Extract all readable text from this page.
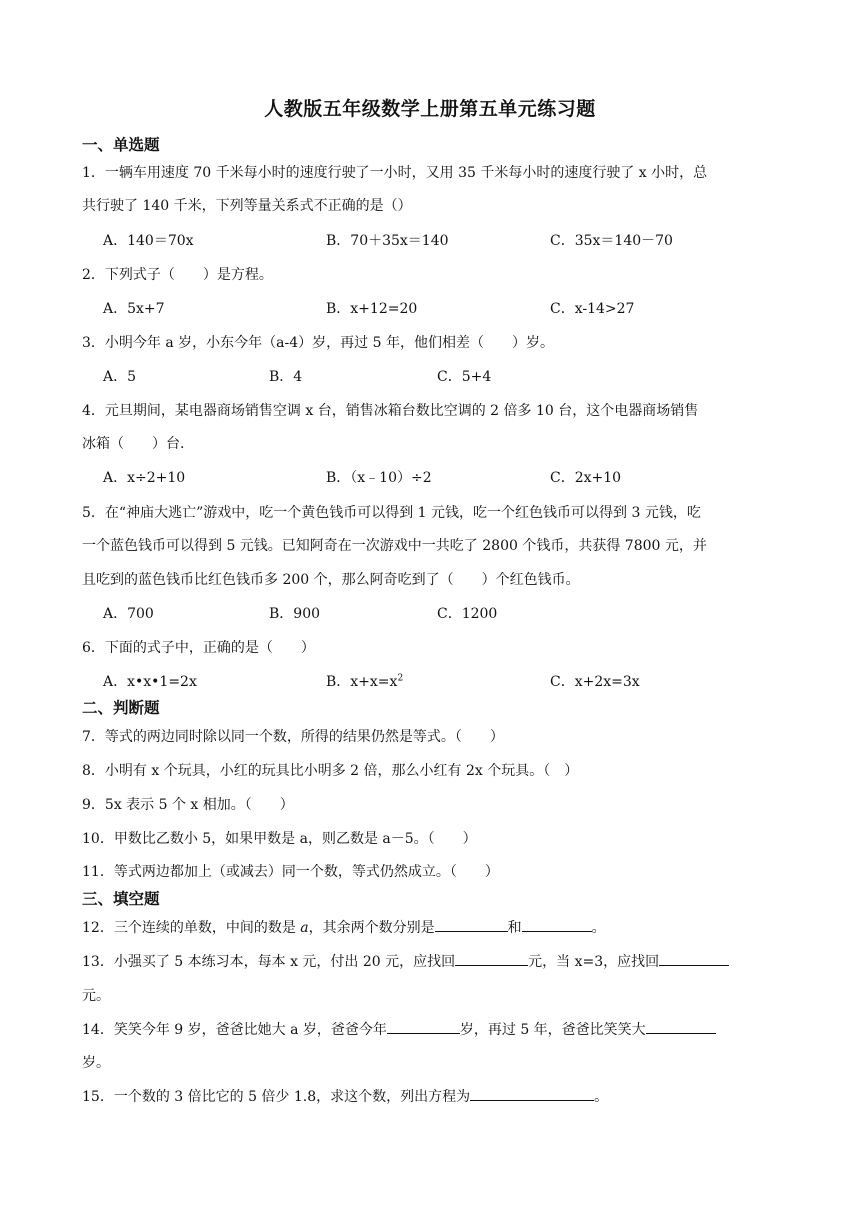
人教版五年级数学上册第五单元练习题
一、单选题
1．一辆车用速度 70 千米每小时的速度行驶了一小时，又用 35 千米每小时的速度行驶了 x 小时，总
共行驶了 140 千米，下列等量关系式不正确的是（）
A．140＝70x	B．70＋35x＝140	C．35x＝140－70
2．下列式子（　　）是方程。
A．5x+7	B．x+12=20	C．x-14>27
3．小明今年 a 岁，小东今年（a-4）岁，再过 5 年，他们相差（　　）岁。
A．5	B．4	C．5+4
4．元旦期间，某电器商场销售空调 x 台，销售冰箱台数比空调的 2 倍多 10 台，这个电器商场销售
冰箱（　　）台.
A．x÷2+10	B．（x﹣10）÷2	C．2x+10
5．在“神庙大逃亡”游戏中，吃一个黄色钱币可以得到 1 元钱，吃一个红色钱币可以得到 3 元钱，吃
一个蓝色钱币可以得到 5 元钱。已知阿奇在一次游戏中一共吃了 2800 个钱币，共获得 7800 元，并
且吃到的蓝色钱币比红色钱币多 200 个，那么阿奇吃到了（　　）个红色钱币。
A．700	B．900	C．1200
6．下面的式子中，正确的是（　　）
A．x•x•1=2x	B．$x+x=x^2$	C．x+2x=3x
二、判断题
7．等式的两边同时除以同一个数，所得的结果仍然是等式。（　　）
8．小明有 x 个玩具，小红的玩具比小明多 2 倍，那么小红有 2x 个玩具。（　）
9．5x 表示 5 个 x 相加。（　　）
10．甲数比乙数小 5，如果甲数是 a，则乙数是 a－5。（　　）
11．等式两边都加上（或减去）同一个数，等式仍然成立。（　　）
三、填空题
12．三个连续的单数，中间的数是 a，其余两个数分别是	和	。
13．小强买了 5 本练习本，每本 x 元，付出 20 元，应找回	元，当 x=3，应找回
元。
14．笑笑今年 9 岁，爸爸比她大 a 岁，爸爸今年	岁，再过 5 年，爸爸比笑笑大
岁。
15．一个数的 3 倍比它的 5 倍少 1.8，求这个数，列出方程为	。
